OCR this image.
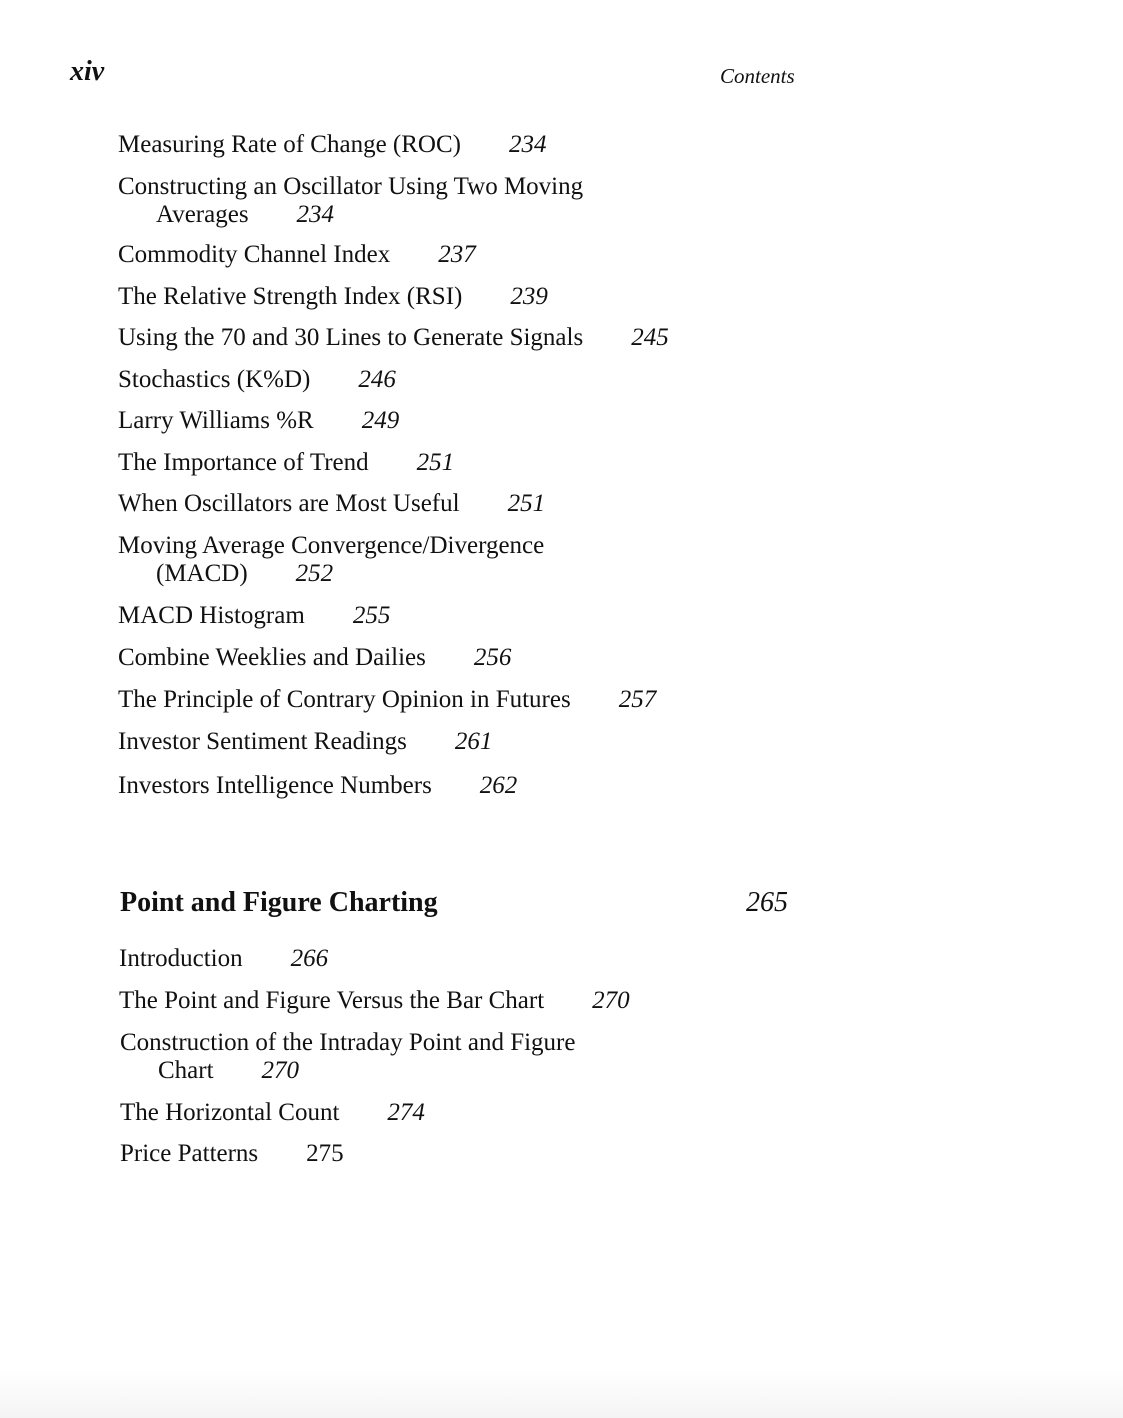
xiv	Contents

Measuring Rate of Change (ROC) 234

Constructing an Oscillator Using Two Moving
Averages 234

Commodity Channel Index 237

The Relative Strength Index (RSI) 239

Using the 70 and 30 Lines to Generate Signals 245

Stochastics (K%D) 246

Larry Williams %R 249

The Importance of Trend 251

When Oscillators are Most Useful 251

Moving Average Convergence/Divergence
(MACD) 252

MACD Histogram 255

Combine Weeklies and Dailies 256

The Principle of Contrary Opinion in Futures 257

Investor Sentiment Readings 261

Investors Intelligence Numbers 262

Point and Figure Charting	265

Introduction 266

The Point and Figure Versus the Bar Chart 270

Construction of the Intraday Point and Figure
Chart 270

The Horizontal Count 274

Price Patterns 275
